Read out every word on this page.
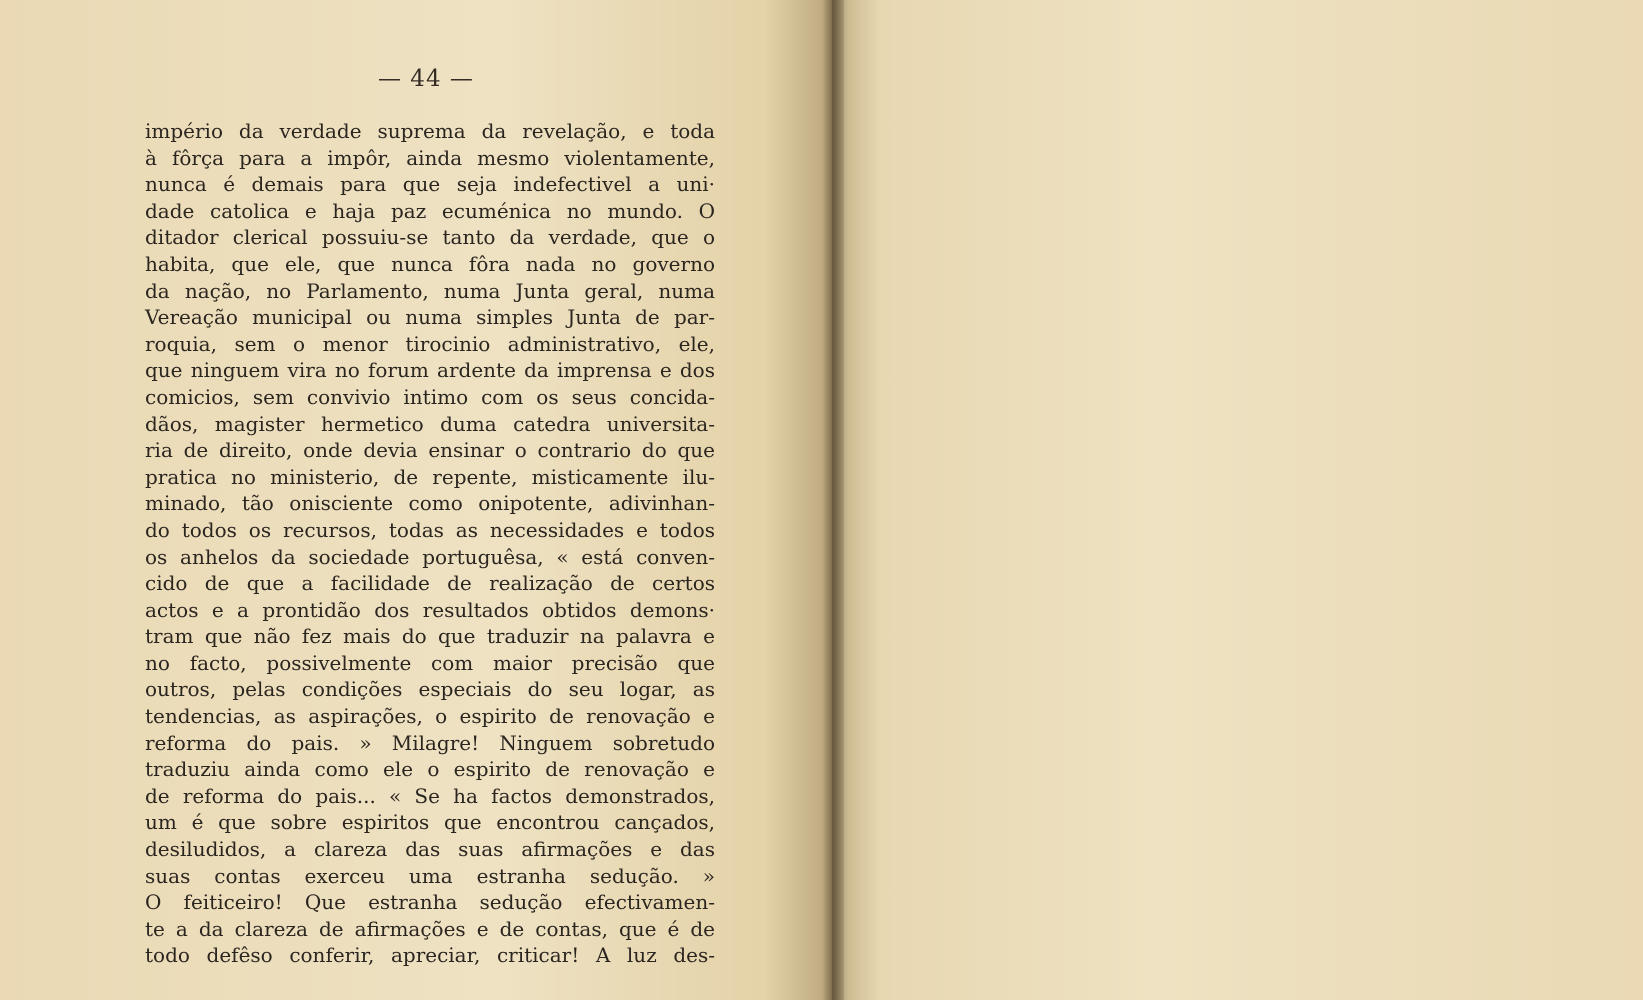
— 44 —
império da verdade suprema da revelação, e toda
à fôrça para a impôr, ainda mesmo violentamente,
nunca é demais para que seja indefectivel a uni·
dade catolica e haja paz ecuménica no mundo. O
ditador clerical possuiu-se tanto da verdade, que o
habita, que ele, que nunca fôra nada no governo
da nação, no Parlamento, numa Junta geral, numa
Vereação municipal ou numa simples Junta de par-
roquia, sem o menor tirocinio administrativo, ele,
que ninguem vira no forum ardente da imprensa e dos
comicios, sem convivio intimo com os seus concida-
dãos, magister hermetico duma catedra universita-
ria de direito, onde devia ensinar o contrario do que
pratica no ministerio, de repente, misticamente ilu-
minado, tão onisciente como onipotente, adivinhan-
do todos os recursos, todas as necessidades e todos
os anhelos da sociedade portuguêsa, « está conven-
cido de que a facilidade de realização de certos
actos e a prontidão dos resultados obtidos demons·
tram que não fez mais do que traduzir na palavra e
no facto, possivelmente com maior precisão que
outros, pelas condições especiais do seu logar, as
tendencias, as aspirações, o espirito de renovação e
reforma do pais. » Milagre! Ninguem sobretudo
traduziu ainda como ele o espirito de renovação e
de reforma do pais... « Se ha factos demonstrados,
um é que sobre espiritos que encontrou cançados,
desiludidos, a clareza das suas afirmações e das
suas contas exerceu uma estranha sedução. »
O feiticeiro! Que estranha sedução efectivamen-
te a da clareza de afirmações e de contas, que é de
todo defêso conferir, apreciar, criticar! A luz des-
